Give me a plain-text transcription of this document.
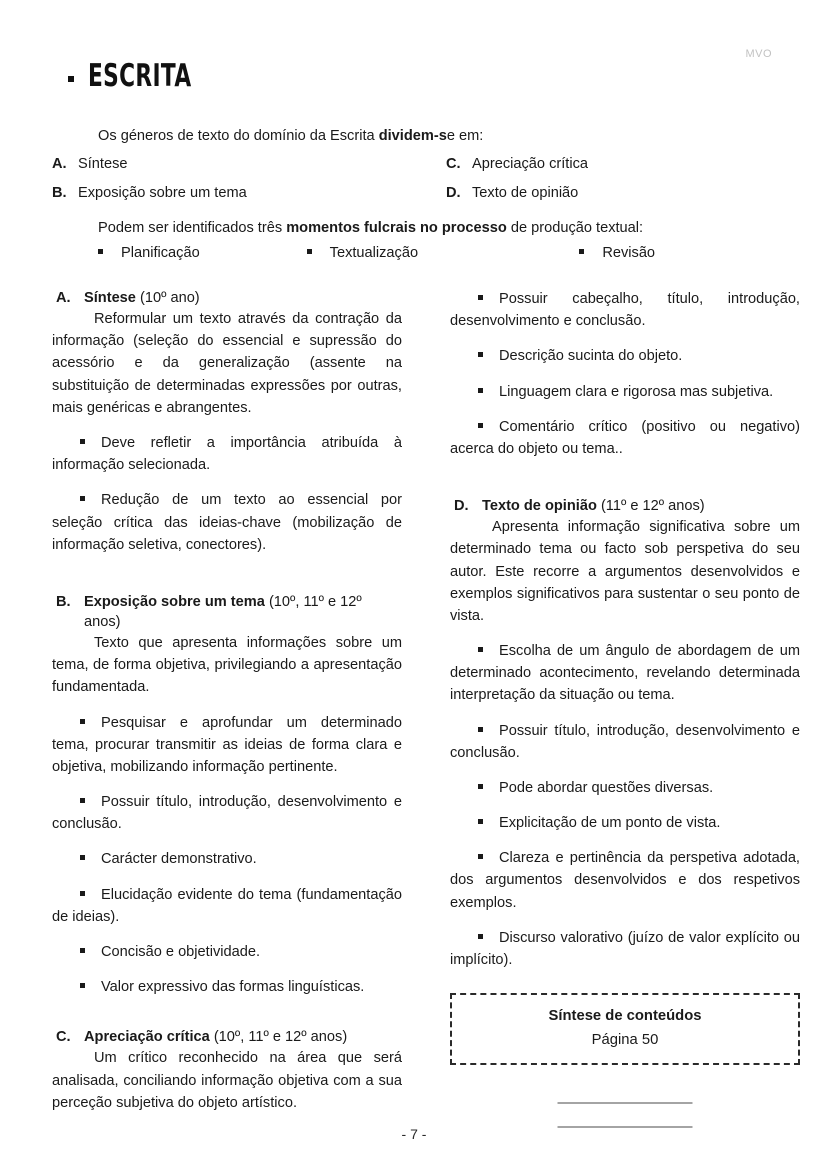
MVO
ESCRITA
Os géneros de texto do domínio da Escrita dividem-se em:
A. Síntese	C. Apreciação crítica
B. Exposição sobre um tema	D. Texto de opinião
Podem ser identificados três momentos fulcrais no processo de produção textual:
Planificação	Textualização	Revisão
A. Síntese (10º ano)

Reformular um texto através da contração da informação (seleção do essencial e supressão do acessório e da generalização (assente na substituição de determinadas expressões por outras, mais genéricas e abrangentes.

Deve refletir a importância atribuída à informação selecionada.

Redução de um texto ao essencial por seleção crítica das ideias-chave (mobilização de informação seletiva, conectores).

B. Exposição sobre um tema (10º, 11º e 12º anos)

Texto que apresenta informações sobre um tema, de forma objetiva, privilegiando a apresentação fundamentada.

Pesquisar e aprofundar um determinado tema, procurar transmitir as ideias de forma clara e objetiva, mobilizando informação pertinente.

Possuir título, introdução, desenvolvimento e conclusão.

Carácter demonstrativo.

Elucidação evidente do tema (fundamentação de ideias).

Concisão e objetividade.

Valor expressivo das formas linguísticas.

C. Apreciação crítica (10º, 11º e 12º anos)

Um crítico reconhecido na área que será analisada, conciliando informação objetiva com a sua perceção subjetiva do objeto artístico.

Possuir cabeçalho, título, introdução, desenvolvimento e conclusão.

Descrição sucinta do objeto.

Linguagem clara e rigorosa mas subjetiva.

Comentário crítico (positivo ou negativo) acerca do objeto ou tema..

D. Texto de opinião (11º e 12º anos)

Apresenta informação significativa sobre um determinado tema ou facto sob perspetiva do seu autor. Este recorre a argumentos desenvolvidos e exemplos significativos para sustentar o seu ponto de vista.

Escolha de um ângulo de abordagem de um determinado acontecimento, revelando determinada interpretação da situação ou tema.

Possuir título, introdução, desenvolvimento e conclusão.

Pode abordar questões diversas.

Explicitação de um ponto de vista.

Clareza e pertinência da perspetiva adotada, dos argumentos desenvolvidos e dos respetivos exemplos.

Discurso valorativo (juízo de valor explícito ou implícito).

Síntese de conteúdos
Página 50
—————————
—————————
- 7 -
